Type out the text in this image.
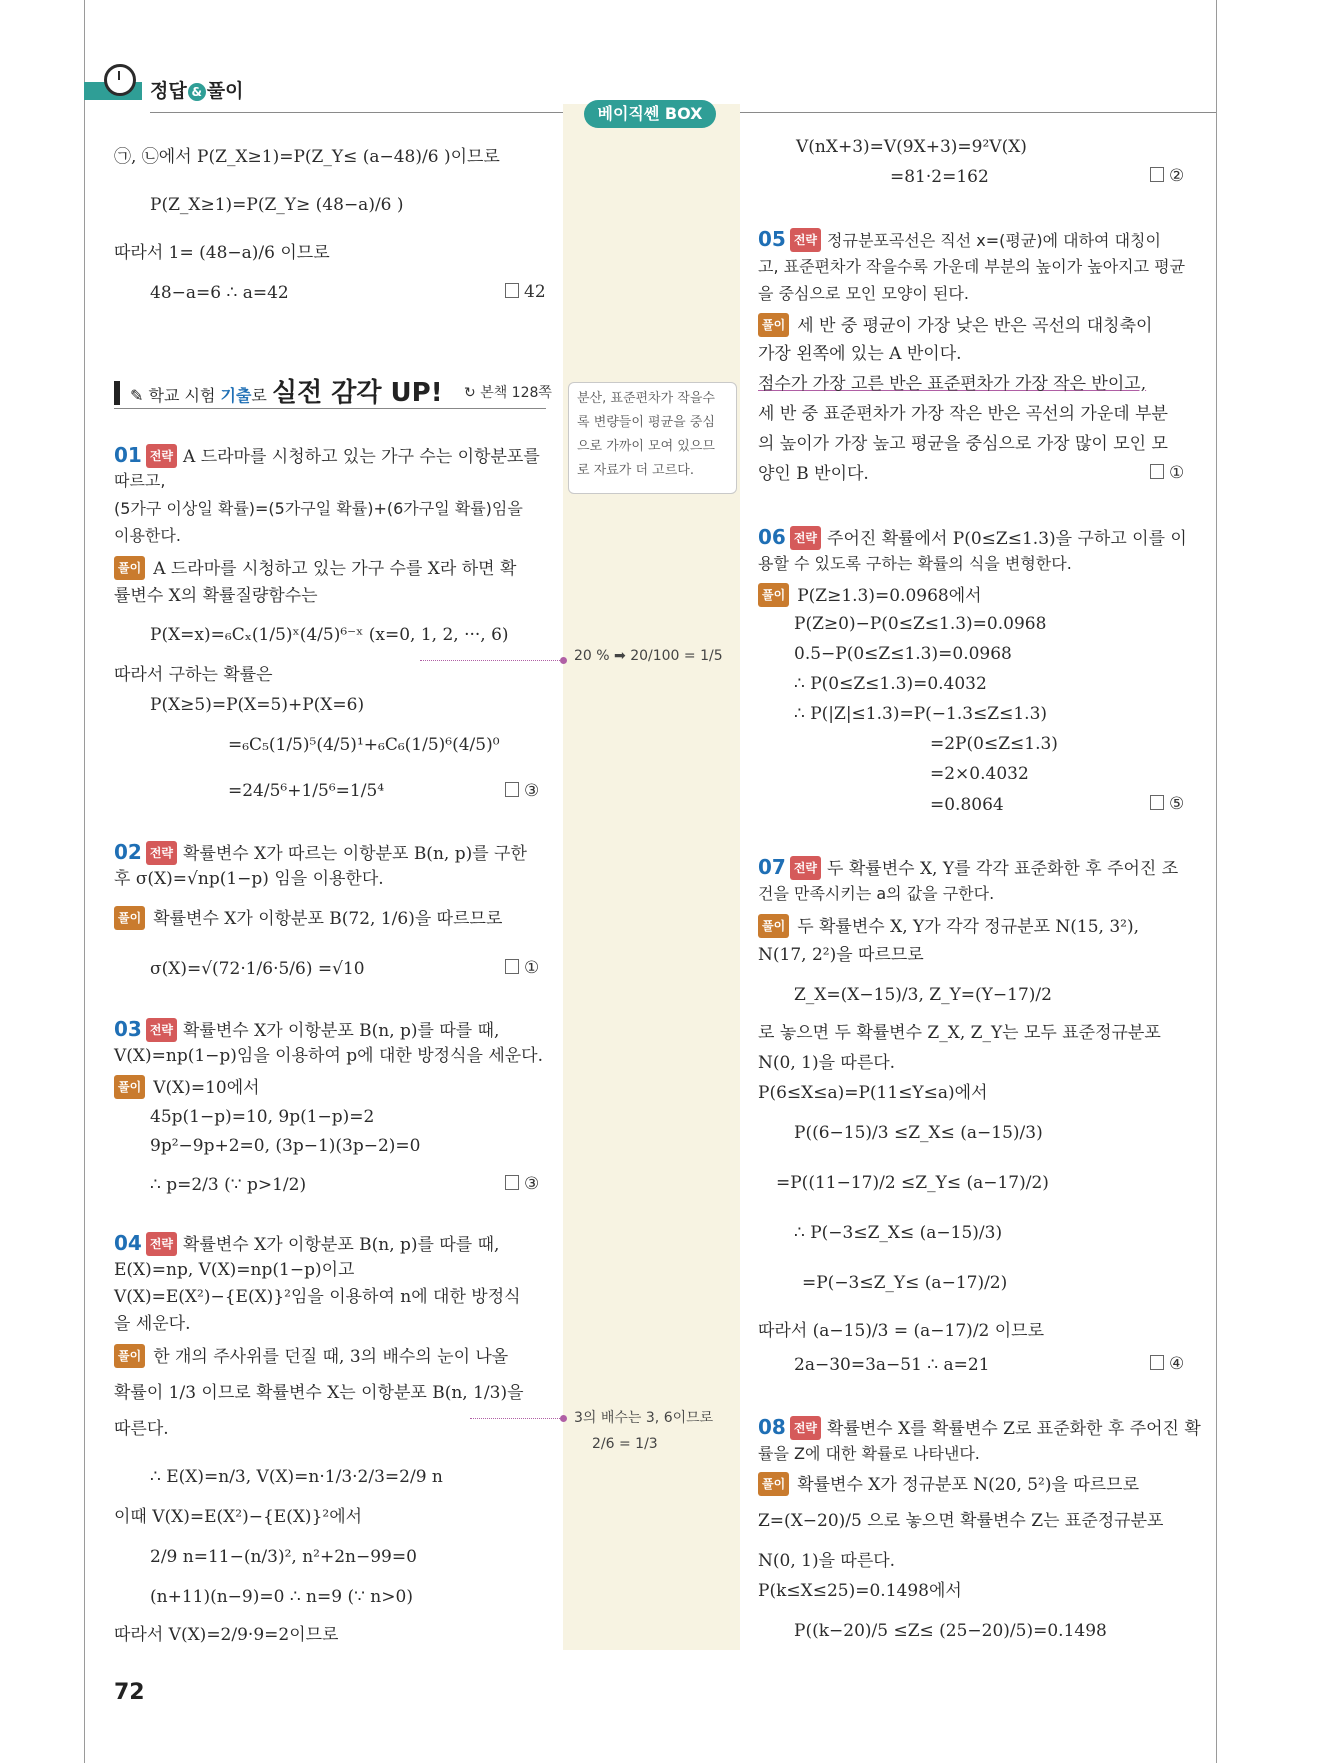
정답 & 풀이
베이직쎈 BOX
분산, 표준편차가 작을수
록 변량들이 평균을 중심
으로 가까이 모여 있으므
로 자료가 더 고르다.
20 % ➡ 20/100 = 1/5
3의 배수는 3, 6이므로
2/6 = 1/3
㉠, ㉡에서 P(Z_X≥1)=P(Z_Y≤ (a−48)/6 )이므로
P(Z_X≥1)=P(Z_Y≥ (48−a)/6 )
따라서 1= (48−a)/6 이므로
48−a=6 ∴ a=42	42
✎ 학교 시험 기출로 실전 감각 UP! ↻ 본책 128쪽
01 전략 A 드라마를 시청하고 있는 가구 수는 이항분포를
따르고,
(5가구 이상일 확률)=(5가구일 확률)+(6가구일 확률)임을
이용한다.
풀이 A 드라마를 시청하고 있는 가구 수를 X라 하면 확
률변수 X의 확률질량함수는
P(X=x)=₆Cₓ(1/5)ˣ(4/5)⁶⁻ˣ (x=0, 1, 2, ···, 6)
따라서 구하는 확률은
P(X≥5)=P(X=5)+P(X=6)
=₆C₅(1/5)⁵(4/5)¹+₆C₆(1/5)⁶(4/5)⁰
=24/5⁶+1/5⁶=1/5⁴	③
02 전략 확률변수 X가 따르는 이항분포 B(n, p)를 구한
후 σ(X)=√np(1−p) 임을 이용한다.
풀이 확률변수 X가 이항분포 B(72, 1/6)을 따르므로
σ(X)=√(72·1/6·5/6) =√10	①
03 전략 확률변수 X가 이항분포 B(n, p)를 따를 때,
V(X)=np(1−p)임을 이용하여 p에 대한 방정식을 세운다.
풀이 V(X)=10에서
45p(1−p)=10, 9p(1−p)=2
9p²−9p+2=0, (3p−1)(3p−2)=0
∴ p=2/3 (∵ p>1/2)	③
04 전략 확률변수 X가 이항분포 B(n, p)를 따를 때,
E(X)=np, V(X)=np(1−p)이고
V(X)=E(X²)−{E(X)}²임을 이용하여 n에 대한 방정식
을 세운다.
풀이 한 개의 주사위를 던질 때, 3의 배수의 눈이 나올
확률이 1/3 이므로 확률변수 X는 이항분포 B(n, 1/3)을
따른다.
∴ E(X)=n/3, V(X)=n·1/3·2/3=2/9 n
이때 V(X)=E(X²)−{E(X)}²에서
2/9 n=11−(n/3)², n²+2n−99=0
(n+11)(n−9)=0 ∴ n=9 (∵ n>0)
따라서 V(X)=2/9·9=2이므로
V(nX+3)=V(9X+3)=9²V(X)
=81·2=162	②
05 전략 정규분포곡선은 직선 x=(평균)에 대하여 대칭이
고, 표준편차가 작을수록 가운데 부분의 높이가 높아지고 평균
을 중심으로 모인 모양이 된다.
풀이 세 반 중 평균이 가장 낮은 반은 곡선의 대칭축이
가장 왼쪽에 있는 A 반이다.
점수가 가장 고른 반은 표준편차가 가장 작은 반이고,
세 반 중 표준편차가 가장 작은 반은 곡선의 가운데 부분
의 높이가 가장 높고 평균을 중심으로 가장 많이 모인 모
양인 B 반이다.	①
06 전략 주어진 확률에서 P(0≤Z≤1.3)을 구하고 이를 이
용할 수 있도록 구하는 확률의 식을 변형한다.
풀이 P(Z≥1.3)=0.0968에서
P(Z≥0)−P(0≤Z≤1.3)=0.0968
0.5−P(0≤Z≤1.3)=0.0968
∴ P(0≤Z≤1.3)=0.4032
∴ P(|Z|≤1.3)=P(−1.3≤Z≤1.3)
=2P(0≤Z≤1.3)
=2×0.4032
=0.8064	⑤
07 전략 두 확률변수 X, Y를 각각 표준화한 후 주어진 조
건을 만족시키는 a의 값을 구한다.
풀이 두 확률변수 X, Y가 각각 정규분포 N(15, 3²),
N(17, 2²)을 따르므로
Z_X=(X−15)/3, Z_Y=(Y−17)/2
로 놓으면 두 확률변수 Z_X, Z_Y는 모두 표준정규분포
N(0, 1)을 따른다.
P(6≤X≤a)=P(11≤Y≤a)에서
P((6−15)/3 ≤Z_X≤ (a−15)/3)
=P((11−17)/2 ≤Z_Y≤ (a−17)/2)
∴ P(−3≤Z_X≤ (a−15)/3)
=P(−3≤Z_Y≤ (a−17)/2)
따라서 (a−15)/3 = (a−17)/2 이므로
2a−30=3a−51 ∴ a=21	④
08 전략 확률변수 X를 확률변수 Z로 표준화한 후 주어진 확
률을 Z에 대한 확률로 나타낸다.
풀이 확률변수 X가 정규분포 N(20, 5²)을 따르므로
Z=(X−20)/5 으로 놓으면 확률변수 Z는 표준정규분포
N(0, 1)을 따른다.
P(k≤X≤25)=0.1498에서
P((k−20)/5 ≤Z≤ (25−20)/5)=0.1498
72
